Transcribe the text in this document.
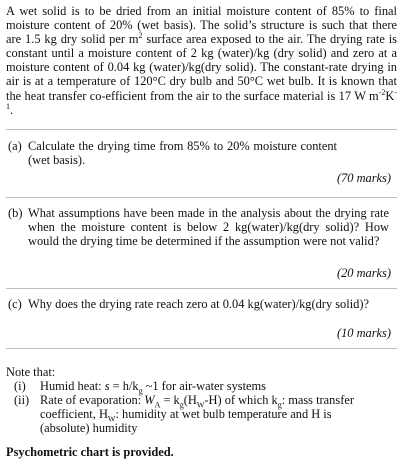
A wet solid is to be dried from an initial moisture content of 85% to final moisture content of 20% (wet basis). The solid’s structure is such that there are 1.5 kg dry solid per $m^2$ surface area exposed to the air. The drying rate is constant until a moisture content of 2 kg (water)/kg (dry solid) and zero at a moisture content of 0.04 kg (water)/kg(dry solid). The constant-rate drying in air is at a temperature of 120°C dry bulb and 50°C wet bulb. It is known that the heat transfer co-efficient from the air to the surface material is 17 W $m^{-2}K^{-1}$.

(a) Calculate the drying time from 85% to 20% moisture content (wet basis).
(70 marks)
(b) What assumptions have been made in the analysis about the drying rate when the moisture content is below 2 kg(water)/kg(dry solid)? How would the drying time be determined if the assumption were not valid?
(20 marks)
(c) Why does the drying rate reach zero at 0.04 kg(water)/kg(dry solid)?
(10 marks)

Note that:

(i)	Humid heat: $s = h/k_g$ ~1 for air-water systems
(ii) Rate of evaporation: $W_A = k_g(H_W-H)$ of which $k_g$: mass transfer coefficient, $H_W$: humidity at wet bulb temperature and H is (absolute) humidity

Psychometric chart is provided.
